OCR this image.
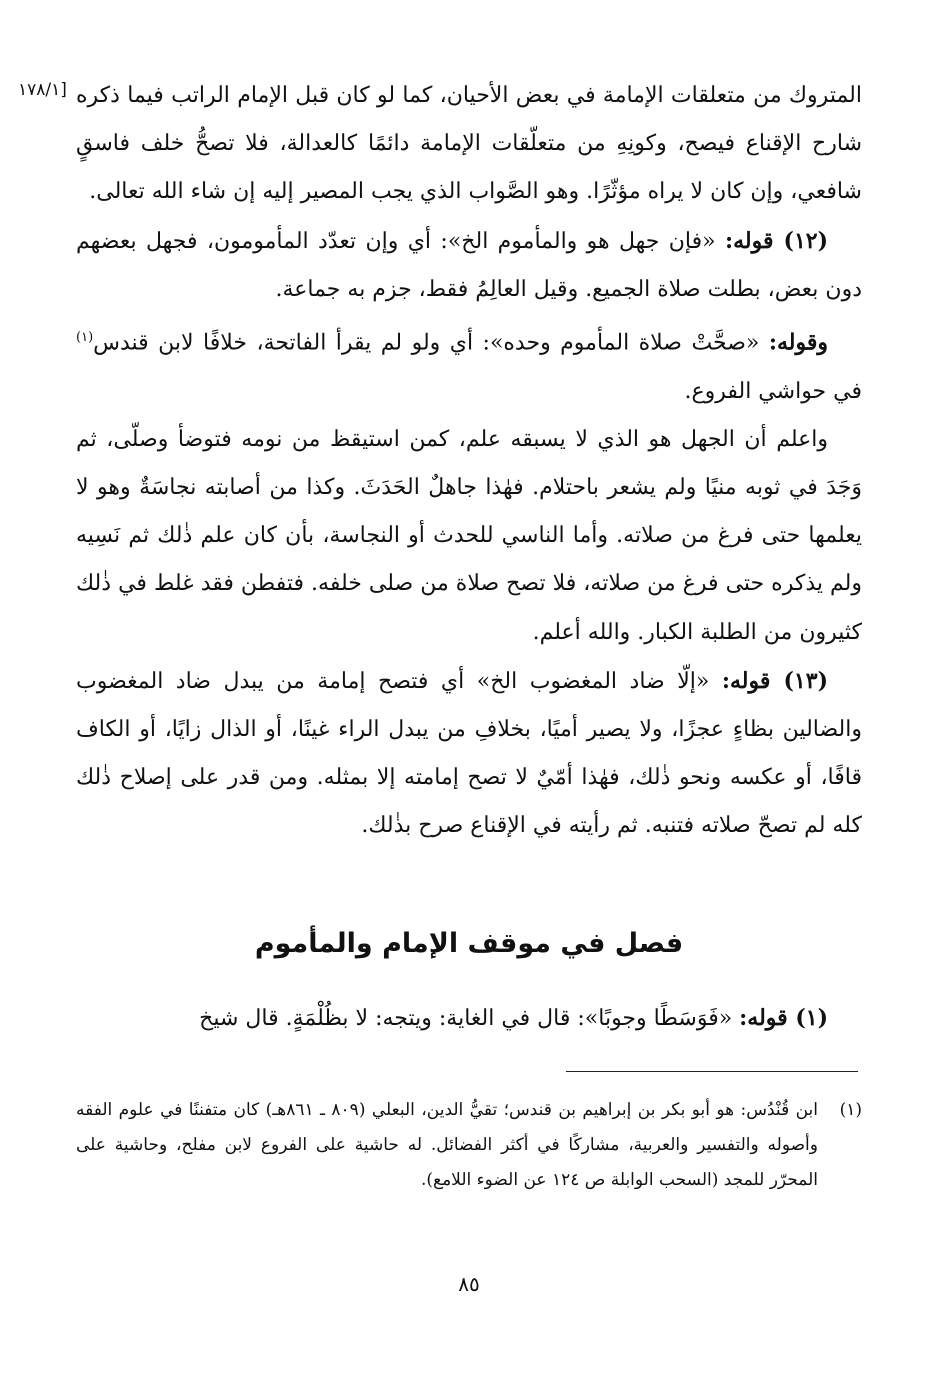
[١٧٨/١ المتروك من متعلقات الإمامة في بعض الأحيان، كما لو كان قبل الإمام الراتب فيما ذكره شارح الإقناع فيصح، وكونِهِ من متعلّقات الإمامة دائمًا كالعدالة، فلا تصحُّ خلف فاسقٍ شافعي، وإن كان لا يراه مؤثّرًا. وهو الصَّواب الذي يجب المصير إليه إن شاء الله تعالى.

(١٢) قوله: «فإن جهل هو والمأموم الخ»: أي وإن تعدّد المأمومون، فجهل بعضهم دون بعض، بطلت صلاة الجميع. وقيل العالِمُ فقط، جزم به جماعة.

وقوله: «صحَّتْ صلاة المأموم وحده»: أي ولو لم يقرأ الفاتحة، خلافًا لابن قندس$^{(١)}$ في حواشي الفروع.

واعلم أن الجهل هو الذي لا يسبقه علم، كمن استيقظ من نومه فتوضأ وصلّى، ثم وَجَدَ في ثوبه منيًا ولم يشعر باحتلام. فهٰذا جاهلٌ الحَدَثَ. وكذا من أصابته نجاسَةٌ وهو لا يعلمها حتى فرغ من صلاته. وأما الناسي للحدث أو النجاسة، بأن كان علم ذٰلك ثم نَسِيه ولم يذكره حتى فرغ من صلاته، فلا تصح صلاة من صلى خلفه. فتفطن فقد غلط في ذٰلك كثيرون من الطلبة الكبار. والله أعلم.

(١٣) قوله: «إلّا ضاد المغضوب الخ» أي فتصح إمامة من يبدل ضاد المغضوب والضالين بظاءٍ عجزًا، ولا يصير أميًا، بخلافِ من يبدل الراء غينًا، أو الذال زايًا، أو الكاف قافًا، أو عكسه ونحو ذٰلك، فهٰذا أمّيٌ لا تصح إمامته إلا بمثله. ومن قدر على إصلاح ذٰلك كله لم تصحّ صلاته فتنبه. ثم رأيته في الإقناع صرح بذٰلك.

فصل في موقف الإمام والمأموم

(١) قوله: «فَوَسَطًا وجوبًا»: قال في الغاية: ويتجه: لا بظُلْمَةٍ. قال شيخ

(١)ابن قُنْدُس: هو أبو بكر بن إبراهيم بن قندس؛ تقيُّ الدين، البعلي (٨٠٩ ـ ٨٦١هـ) كان متفننًا في علوم الفقه وأصوله والتفسير والعربية، مشاركًا في أكثر الفضائل. له حاشية على الفروع لابن مفلح، وحاشية على المحرّر للمجد (السحب الوابلة ص ١٢٤ عن الضوء اللامع).

٨٥
